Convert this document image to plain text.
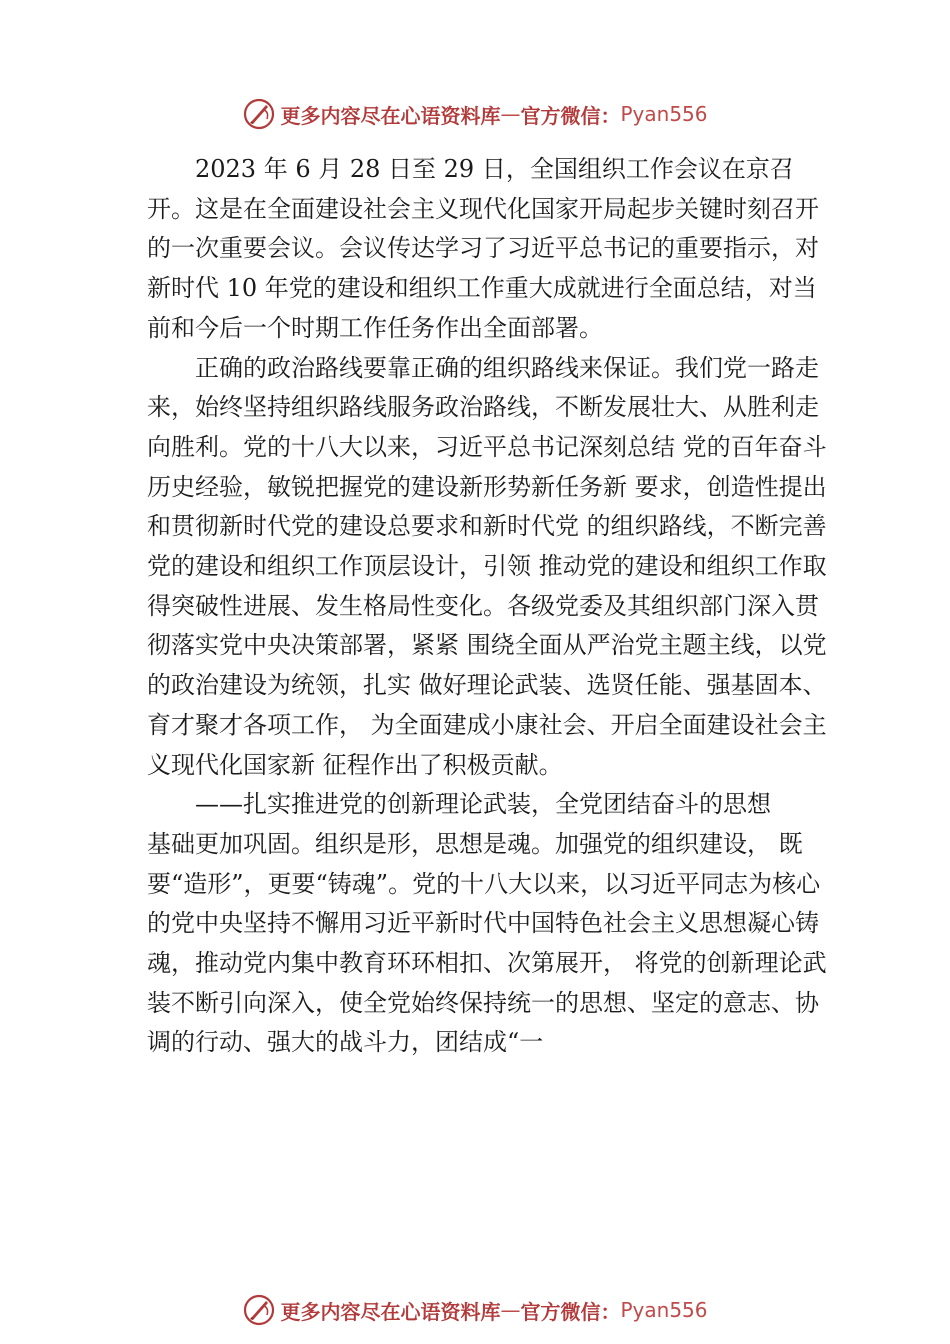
更多内容尽在心语资料库 — 官方微信： Pyan556

2023 年 6 月 28 日至 29 日，全国组织工作会议在京召开。这是在全面建设社会主义现代化国家开局起步关键时刻召开的一次重要会议。会议传达学习了习近平总书记的重要指示，对新时代 10 年党的建设和组织工作重大成就进行全面总结，对当前和今后一个时期工作任务作出全面部署。

正确的政治路线要靠正确的组织路线来保证。我们党一路走来，始终坚持组织路线服务政治路线，不断发展壮大、从胜利走向胜利。党的十八大以来，习近平总书记深刻总结 党的百年奋斗历史经验，敏锐把握党的建设新形势新任务新 要求，创造性提出和贯彻新时代党的建设总要求和新时代党 的组织路线，不断完善党的建设和组织工作顶层设计，引领 推动党的建设和组织工作取得突破性进展、发生格局性变化。各级党委及其组织部门深入贯彻落实党中央决策部署，紧紧 围绕全面从严治党主题主线，以党的政治建设为统领，扎实 做好理论武装、选贤任能、强基固本、育才聚才各项工作， 为全面建成小康社会、开启全面建设社会主义现代化国家新 征程作出了积极贡献。

——扎实推进党的创新理论武装，全党团结奋斗的思想

基础更加巩固。组织是形，思想是魂。加强党的组织建设， 既要“造形”，更要“铸魂”。党的十八大以来，以习近平同志为核心的党中央坚持不懈用习近平新时代中国特色社会主义思想凝心铸魂，推动党内集中教育环环相扣、次第展开， 将党的创新理论武装不断引向深入，使全党始终保持统一的思想、坚定的意志、协调的行动、强大的战斗力，团结成“一

更多内容尽在心语资料库 — 官方微信： Pyan556
